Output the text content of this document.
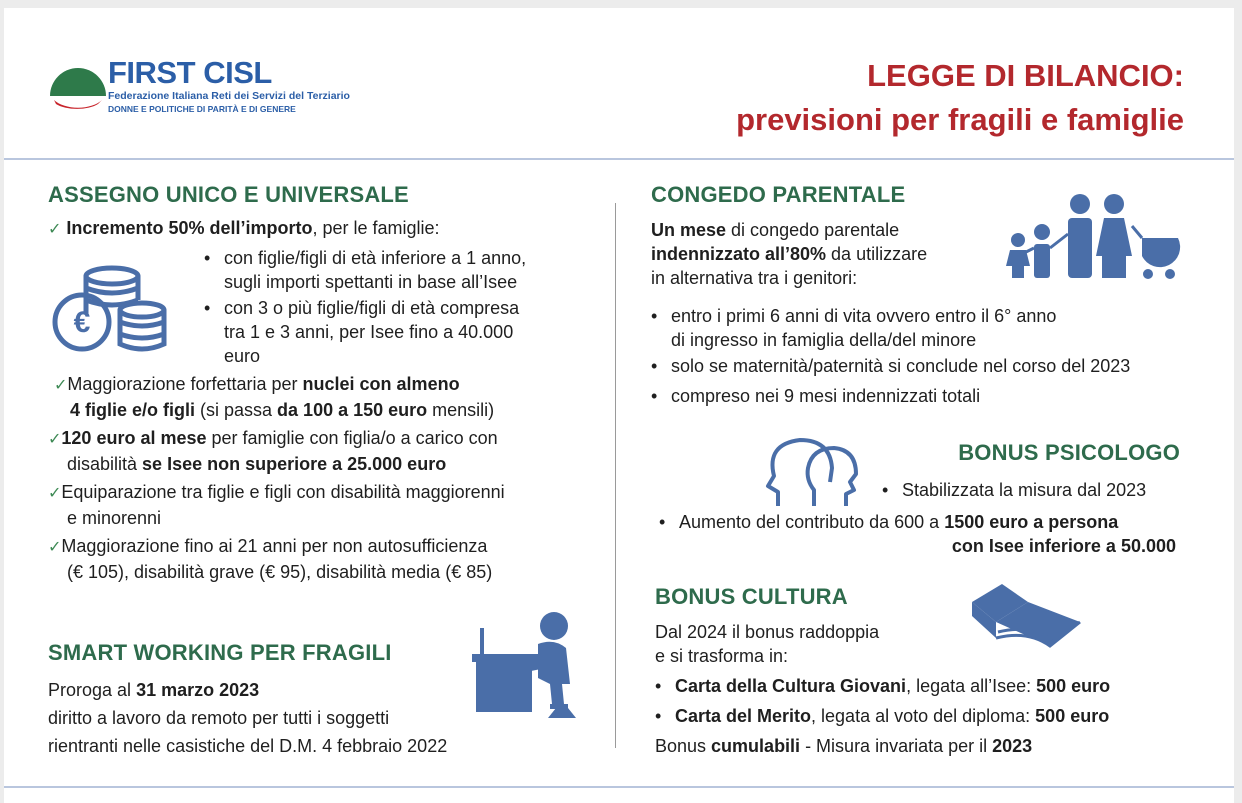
FIRST CISL
Federazione Italiana Reti dei Servizi del Terziario
DONNE E POLITICHE DI PARITÀ E DI GENERE
LEGGE DI BILANCIO:
previsioni per fragili e famiglie
ASSEGNO UNICO E UNIVERSALE
✓ Incremento 50% dell’importo, per le famiglie:
• con figlie/figli di età inferiore a 1 anno,
sugli importi spettanti in base all’Isee
• con 3 o più figlie/figli di età compresa
tra 1 e 3 anni, per Isee fino a 40.000
euro
€
✓Maggiorazione forfettaria per nuclei con almeno
4 figlie e/o figli (si passa da 100 a 150 euro mensili)
✓120 euro al mese per famiglie con figlia/o a carico con
disabilità se Isee non superiore a 25.000 euro
✓Equiparazione tra figlie e figli con disabilità maggiorenni
e minorenni
✓Maggiorazione fino ai 21 anni per non autosufficienza
(€ 105), disabilità grave (€ 95), disabilità media (€ 85)
SMART WORKING PER FRAGILI
Proroga al 31 marzo 2023
diritto a lavoro da remoto per tutti i soggetti
rientranti nelle casistiche del D.M. 4 febbraio 2022
CONGEDO PARENTALE
Un mese di congedo parentale
indennizzato all’80% da utilizzare
in alternativa tra i genitori:
• entro i primi 6 anni di vita ovvero entro il 6° anno
di ingresso in famiglia della/del minore
• solo se maternità/paternità si conclude nel corso del 2023
• compreso nei 9 mesi indennizzati totali
BONUS PSICOLOGO
• Stabilizzata la misura dal 2023
• Aumento del contributo da 600 a 1500 euro a persona
con Isee inferiore a 50.000
BONUS CULTURA
Dal 2024 il bonus raddoppia
e si trasforma in:
• Carta della Cultura Giovani, legata all’Isee: 500 euro
• Carta del Merito, legata al voto del diploma: 500 euro
Bonus cumulabili - Misura invariata per il 2023
